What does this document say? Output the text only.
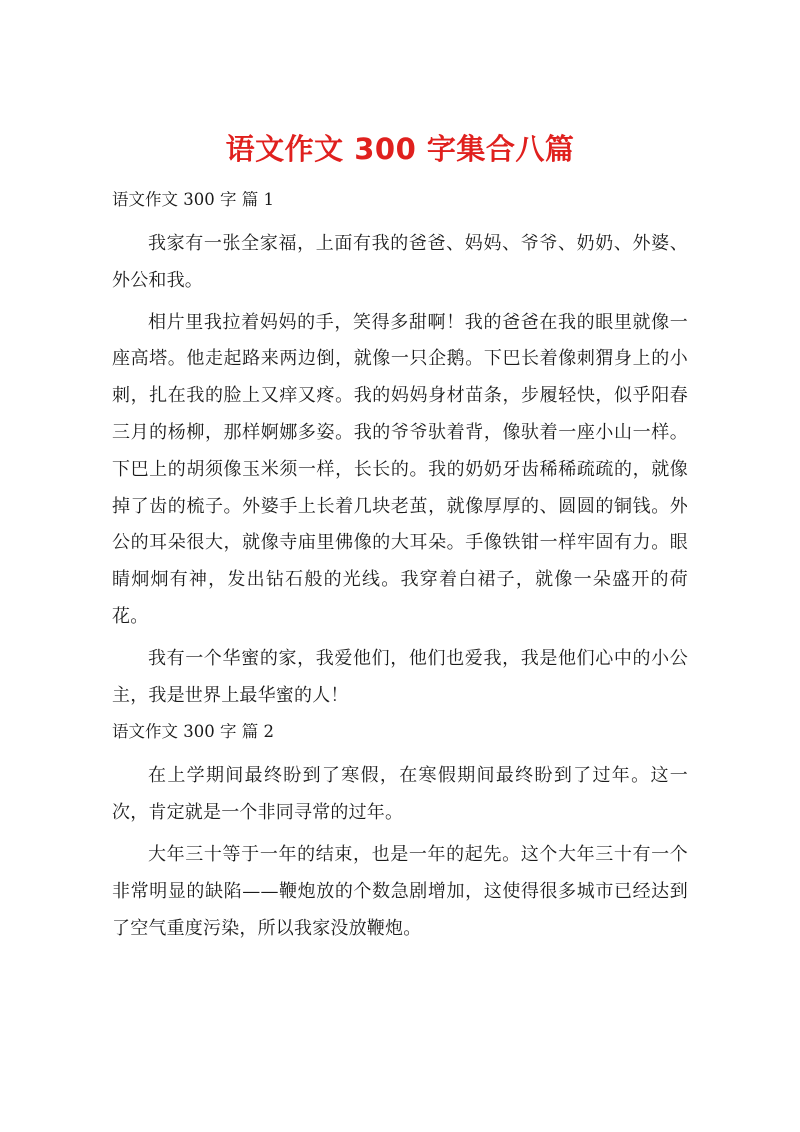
语文作文 300 字集合八篇

语文作文 300 字 篇 1

我家有一张全家福，上面有我的爸爸、妈妈、爷爷、奶奶、外婆、外公和我。

相片里我拉着妈妈的手，笑得多甜啊！我的爸爸在我的眼里就像一座高塔。他走起路来两边倒，就像一只企鹅。下巴长着像刺猬身上的小刺，扎在我的脸上又痒又疼。我的妈妈身材苗条，步履轻快，似乎阳春三月的杨柳，那样婀娜多姿。我的爷爷驮着背，像驮着一座小山一样。下巴上的胡须像玉米须一样，长长的。我的奶奶牙齿稀稀疏疏的，就像掉了齿的梳子。外婆手上长着几块老茧，就像厚厚的、圆圆的铜钱。外公的耳朵很大，就像寺庙里佛像的大耳朵。手像铁钳一样牢固有力。眼睛炯炯有神，发出钻石般的光线。我穿着白裙子，就像一朵盛开的荷花。

我有一个华蜜的家，我爱他们，他们也爱我，我是他们心中的小公主，我是世界上最华蜜的人！

语文作文 300 字 篇 2

在上学期间最终盼到了寒假，在寒假期间最终盼到了过年。这一次，肯定就是一个非同寻常的过年。

大年三十等于一年的结束，也是一年的起先。这个大年三十有一个非常明显的缺陷——鞭炮放的个数急剧增加，这使得很多城市已经达到了空气重度污染，所以我家没放鞭炮。
